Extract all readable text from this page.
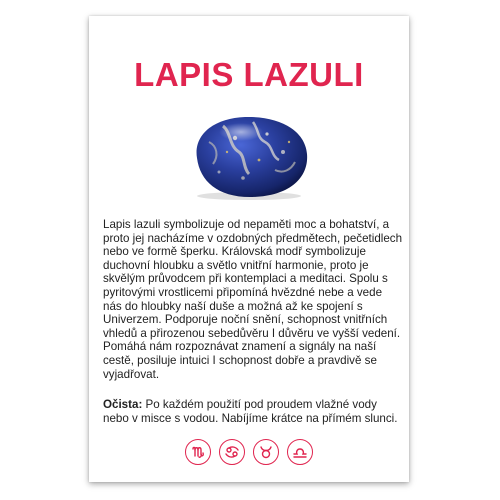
LAPIS LAZULI

Lapis lazuli symbolizuje od nepaměti moc a bohatství, a proto jej nacházíme v ozdobných předmětech, pečetidlech nebo ve formě šperku. Královská modř symbolizuje duchovní hloubku a světlo vnitřní harmonie, proto je skvělým průvodcem při kontemplaci a meditaci. Spolu s pyritovými vrostlicemi připomíná hvězdné nebe a vede nás do hloubky naší duše a možná až ke spojení s Univerzem. Podporuje noční snění, schopnost vnitřních vhledů a přirozenou sebedůvěru I důvěru ve vyšší vedení. Pomáhá nám rozpoznávat znamení a signály na naší cestě, posiluje intuici I schopnost dobře a pravdivě se vyjadřovat.

Očista: Po každém použití pod proudem vlažné vody nebo v misce s vodou. Nabíjíme krátce na přímém slunci.
